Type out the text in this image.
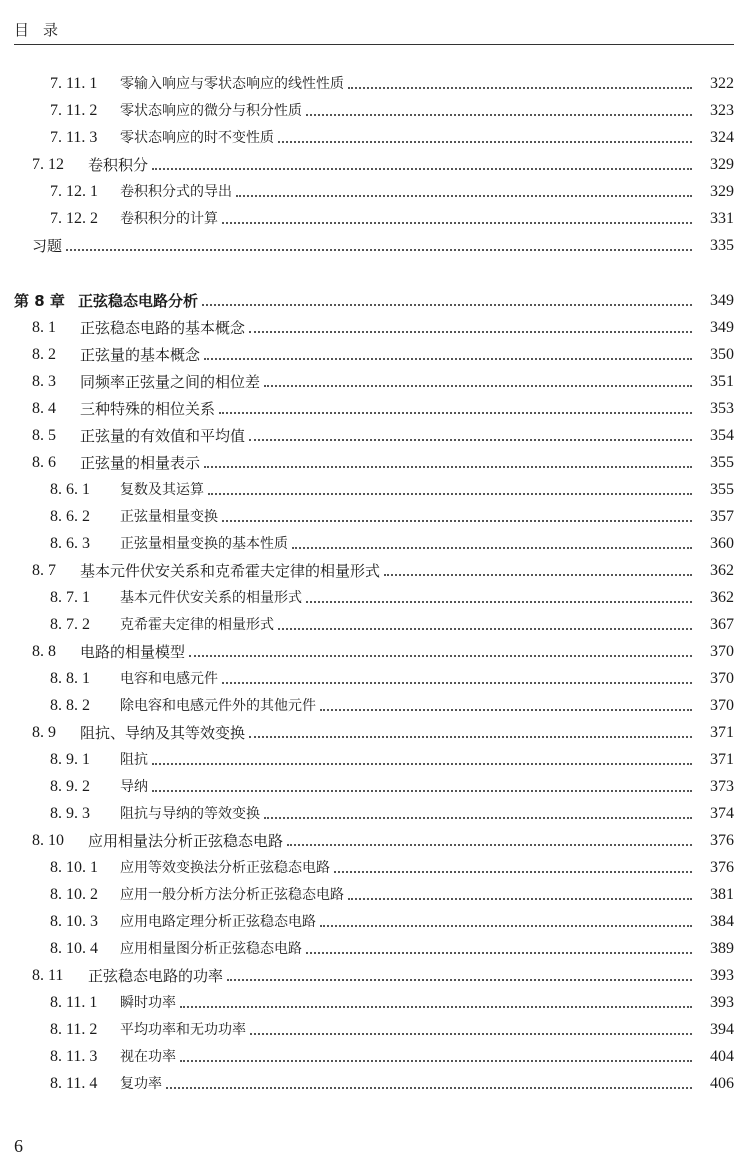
目录
7. 11. 1	零输入响应与零状态响应的线性性质	322
7. 11. 2	零状态响应的微分与积分性质	323
7. 11. 3	零状态响应的时不变性质	324
7. 12	卷积积分	329
7. 12. 1	卷积积分式的导出	329
7. 12. 2	卷积积分的计算	331
习题	335
第 8 章 正弦稳态电路分析	349
8. 1	正弦稳态电路的基本概念	349
8. 2	正弦量的基本概念	350
8. 3	同频率正弦量之间的相位差	351
8. 4	三种特殊的相位关系	353
8. 5	正弦量的有效值和平均值	354
8. 6	正弦量的相量表示	355
8. 6. 1	复数及其运算	355
8. 6. 2	正弦量相量变换	357
8. 6. 3	正弦量相量变换的基本性质	360
8. 7	基本元件伏安关系和克希霍夫定律的相量形式	362
8. 7. 1	基本元件伏安关系的相量形式	362
8. 7. 2	克希霍夫定律的相量形式	367
8. 8	电路的相量模型	370
8. 8. 1	电容和电感元件	370
8. 8. 2	除电容和电感元件外的其他元件	370
8. 9	阻抗、导纳及其等效变换	371
8. 9. 1	阻抗	371
8. 9. 2	导纳	373
8. 9. 3	阻抗与导纳的等效变换	374
8. 10	应用相量法分析正弦稳态电路	376
8. 10. 1	应用等效变换法分析正弦稳态电路	376
8. 10. 2	应用一般分析方法分析正弦稳态电路	381
8. 10. 3	应用电路定理分析正弦稳态电路	384
8. 10. 4	应用相量图分析正弦稳态电路	389
8. 11	正弦稳态电路的功率	393
8. 11. 1	瞬时功率	393
8. 11. 2	平均功率和无功功率	394
8. 11. 3	视在功率	404
8. 11. 4	复功率	406
6
